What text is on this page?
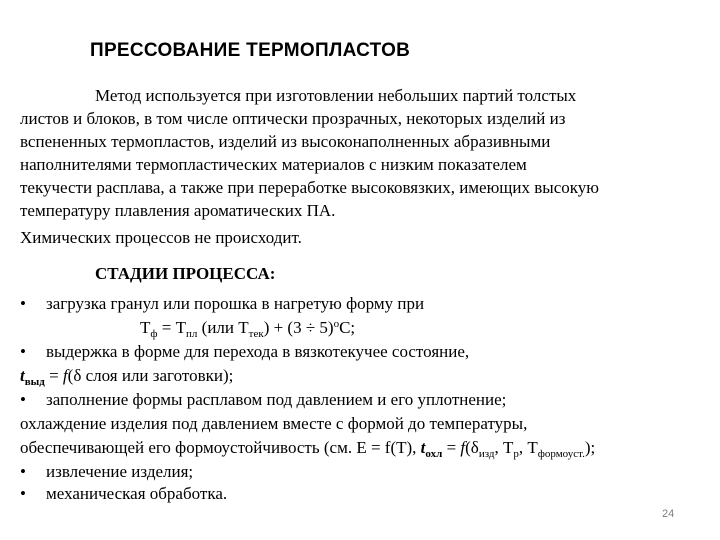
ПРЕССОВАНИЕ ТЕРМОПЛАСТОВ
Метод используется при изготовлении небольших партий толстых
листов и блоков, в том числе оптически прозрачных, некоторых изделий из
вспененных термопластов, изделий из высоконаполненных абразивными
наполнителями термопластических материалов с низким показателем
текучести расплава, а также при переработке высоковязких, имеющих высокую
температуру плавления ароматических ПА.
Химических процессов не происходит.
СТАДИИ ПРОЦЕССА:
• загрузка гранул или порошка в нагретую форму при
$Т_ф = Т_{пл}$ (или $Т_{тек}) + (3 \div 5)^оС$;
• выдержка в форме для перехода в вязкотекучее состояние,
$t_{выд} = f(\delta$ слоя или заготовки);
• заполнение формы расплавом под давлением и его уплотнение;
охлаждение изделия под давлением вместе с формой до температуры,
обеспечивающей его формоустойчивость (см. Е = f(Т), $t_{охл} = f(\delta_{изд}$, $Т_р$, $Т_{формоуст.}$);
• извлечение изделия;
• механическая обработка.
24
